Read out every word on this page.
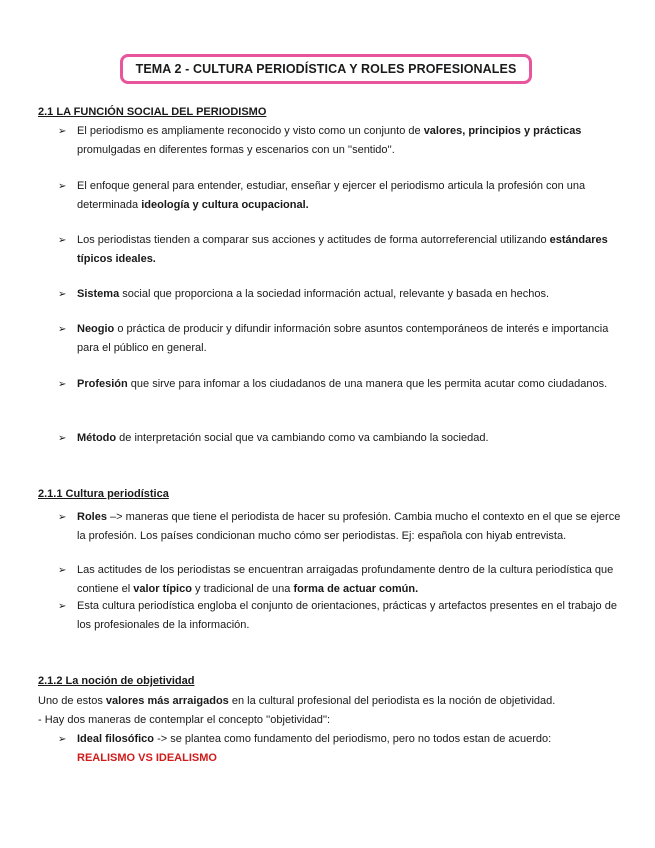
TEMA 2 - CULTURA PERIODÍSTICA Y ROLES PROFESIONALES
2.1 LA FUNCIÓN SOCIAL DEL PERIODISMO
➢ El periodismo es ampliamente reconocido y visto como un conjunto de valores, principios y prácticas promulgadas en diferentes formas y escenarios con un ''sentido''.
➢ El enfoque general para entender, estudiar, enseñar y ejercer el periodismo articula la profesión con una determinada ideología y cultura ocupacional.
➢ Los periodistas tienden a comparar sus acciones y actitudes de forma autorreferencial utilizando estándares típicos ideales.
➢ Sistema social que proporciona a la sociedad información actual, relevante y basada en hechos.
➢ Neogio o práctica de producir y difundir información sobre asuntos contemporáneos de interés e importancia para el público en general.
➢ Profesión que sirve para infomar a los ciudadanos de una manera que les permita acutar como ciudadanos.
➢ Método de interpretación social que va cambiando como va cambiando la sociedad.
2.1.1 Cultura periodística
➢ Roles –> maneras que tiene el periodista de hacer su profesión. Cambia mucho el contexto en el que se ejerce la profesión. Los países condicionan mucho cómo ser periodistas. Ej: española con hiyab entrevista.
➢ Las actitudes de los periodistas se encuentran arraigadas profundamente dentro de la cultura periodística que contiene el valor típico y tradicional de una forma de actuar común.
➢ Esta cultura periodística engloba el conjunto de orientaciones, prácticas y artefactos presentes en el trabajo de los profesionales de la información.
2.1.2 La noción de objetividad
Uno de estos valores más arraigados en la cultural profesional del periodista es la noción de objetividad.
- Hay dos maneras de contemplar el concepto ''objetividad'':
➢ Ideal filosófico -> se plantea como fundamento del periodismo, pero no todos estan de acuerdo:
REALISMO VS IDEALISMO
